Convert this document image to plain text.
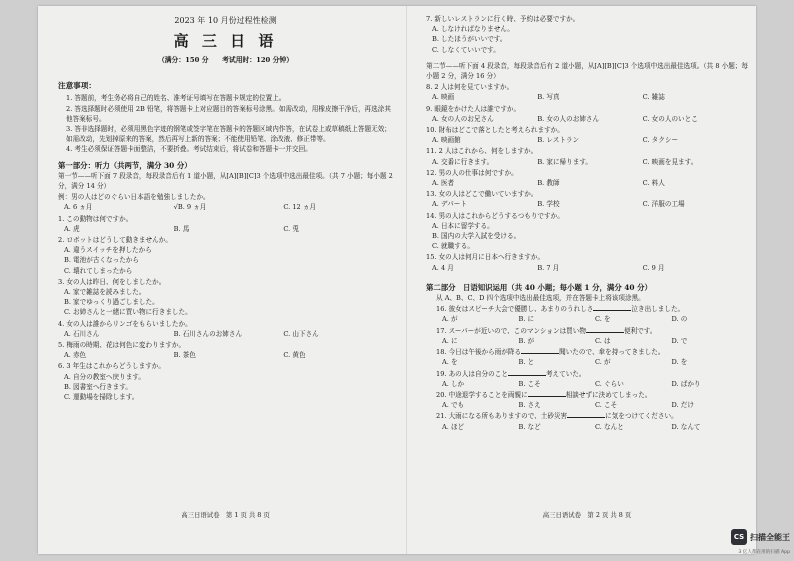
2023 年 10 月份过程性检测
高 三 日 语
（满分：150 分　　考试用时：120 分钟）
注意事项：
1. 答题前，考生务必将自己的姓名、准考证号填写在答题卡规定的位置上。
2. 答选择题时必须使用 2B 铅笔，将答题卡上对应题目的答案标号涂黑。如需改动，用橡皮擦干净后，再选涂其他答案标号。
3. 答非选择题时，必须用黑色字迹的钢笔或签字笔在答题卡的答题区域内作答，在试卷上或草稿纸上答题无效；如需改动，先划掉原来的答案，然后再写上新的答案；不能使用铅笔、涂改液、修正带等。
4. 考生必须保证答题卡面整洁，不要折叠。考试结束后，将试卷和答题卡一并交回。
第一部分：听力（共两节，满分 30 分）
第一节——听下面 7 段录音，每段录音后有 1 道小题，从[A][B][C]3 个选项中选出最佳项。（共 7 小题；每小题 2 分，满分 14 分）
例：男の人はどのぐらい日本語を勉強しましたか。
A. 6 ヵ月	√B. 9 ヵ月	C. 12 ヵ月
1. この動物は何ですか。
A. 虎	B. 馬	C. 兎
2. ロボットはどうして動きませんか。
A. 違うスイッチを押したから
B. 電池が古くなったから
C. 壊れてしまったから
3. 女の人は昨日、何をしましたか。
A. 家で雑誌を読みました。
B. 家でゆっくり過ごしました。
C. お姉さんと一緒に買い物に行きました。
4. 女の人は誰からリンゴをもらいましたか。
A. 石川さん	B. 石川さんのお姉さん	C. 山下さん
5. 梅雨の時期、花は何色に変わりますか。
A. 赤色	B. 茶色	C. 黄色
6. 3 年生はこれからどうしますか。
A. 自分の教室へ戻ります。
B. 図書室へ行きます。
C. 運動場を掃除します。
高三日语试卷　第 1 页 共 8 页
7. 新しいレストランに行く時、予約は必要ですか。
A. しなければなりません。
B. したほうがいいです。
C. しなくていいです。
第二节——听下面 4 段录音，每段录音后有 2 道小题，从[A][B][C]3 个选项中选出最佳选项。（共 8 小题；每小题 2 分，满分 16 分）
8. 2 人は何を見ていますか。
A. 映画	B. 写真	C. 雑誌
9. 眼鏡をかけた人は誰ですか。
A. 女の人のお兄さん	B. 女の人のお姉さん	C. 女の人のいとこ
10. 財布はどこで落としたと考えられますか。
A. 映画館	B. レストラン	C. タクシー
11. 2 人はこれから、何をしますか。
A. 交番に行きます。	B. 家に帰ります。	C. 映画を見ます。
12. 男の人の仕事は何ですか。
A. 医者	B. 教師	C. 料人
13. 女の人はどこで働いていますか。
A. デパート	B. 学校	C. 洋服の工場
14. 男の人はこれからどうするつもりですか。
A. 日本に留学する。
B. 国内の大学入試を受ける。
C. 就職する。
15. 女の人は何月に日本へ行きますか。
A. 4 月	B. 7 月	C. 9 月
第二部分　日语知识运用（共 40 小题；每小题 1 分，满分 40 分）
从 A、B、C、D 四个选项中选出最佳选项，并在答题卡上将该项涂黑。
16. 彼女はスピーチ大会で優勝し、あまりのうれしさ	泣き出しました。
A. が	B. に	C. を	D. の
17. スーパーが近いので、このマンションは買い物	便利です。
A. に	B. が	C. は	D. で
18. 今日は午後から雨が降る	聞いたので、傘を持ってきました。
A. を	B. と	C. が	D. を
19. あの人は自分のこと	考えていた。
A. しか	B. こそ	C. ぐらい	D. ばかり
20. 中途退学することを両親に	相談せずに決めてしまった。
A. でも	B. さえ	C. こそ	D. だけ
21. 大雨になる所もありますので、土砂災害	に気をつけてください。
A. ほど	B. など	C. なんと	D. なんて
高三日语试卷　第 2 页 共 8 页
CS 扫描全能王
3 亿人都在用的扫描 App
